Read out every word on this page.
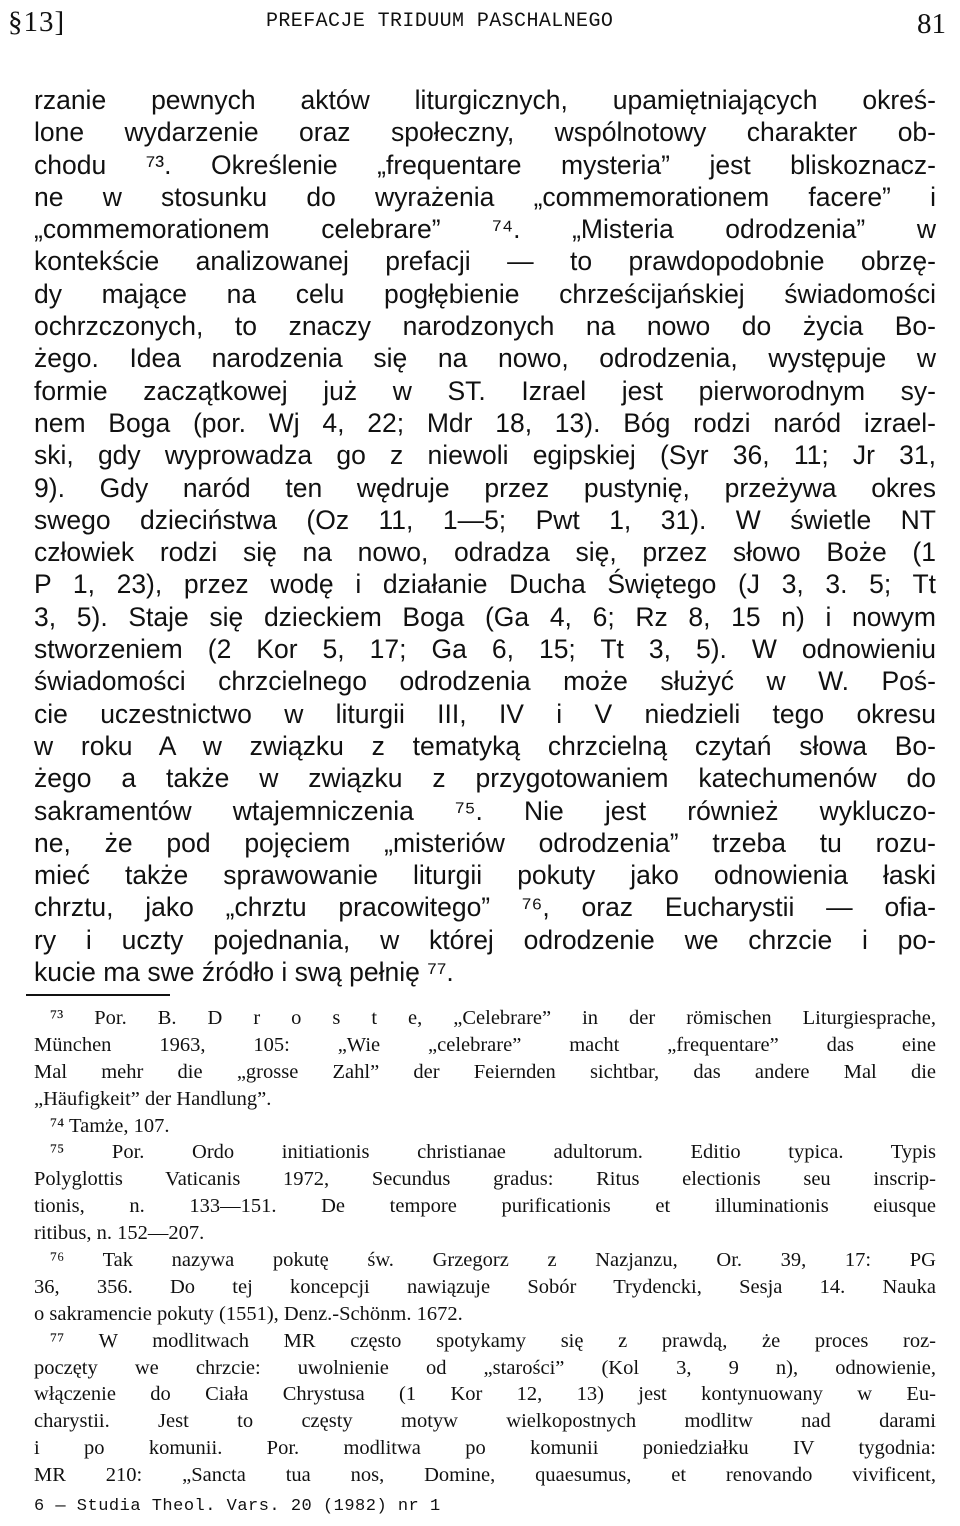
§13]	PREFACJE TRIDUUM PASCHALNEGO	81
rzanie pewnych aktów liturgicznych, upamiętniających okreś-
lone wydarzenie oraz społeczny, wspólnotowy charakter ob-
chodu ⁷³. Określenie „frequentare mysteria” jest bliskoznacz-
ne w stosunku do wyrażenia „commemorationem facere” i
„commemorationem celebrare” ⁷⁴. „Misteria odrodzenia” w
kontekście analizowanej prefacji — to prawdopodobnie obrzę-
dy mające na celu pogłębienie chrześcijańskiej świadomości
ochrzczonych, to znaczy narodzonych na nowo do życia Bo-
żego. Idea narodzenia się na nowo, odrodzenia, występuje w
formie zaczątkowej już w ST. Izrael jest pierworodnym sy-
nem Boga (por. Wj 4, 22; Mdr 18, 13). Bóg rodzi naród izrael-
ski, gdy wyprowadza go z niewoli egipskiej (Syr 36, 11; Jr 31,
9). Gdy naród ten wędruje przez pustynię, przeżywa okres
swego dzieciństwa (Oz 11, 1—5; Pwt 1, 31). W świetle NT
człowiek rodzi się na nowo, odradza się, przez słowo Boże (1
P 1, 23), przez wodę i działanie Ducha Świętego (J 3, 3. 5; Tt
3, 5). Staje się dzieckiem Boga (Ga 4, 6; Rz 8, 15 n) i nowym
stworzeniem (2 Kor 5, 17; Ga 6, 15; Tt 3, 5). W odnowieniu
świadomości chrzcielnego odrodzenia może służyć w W. Poś-
cie uczestnictwo w liturgii III, IV i V niedzieli tego okresu
w roku A w związku z tematyką chrzcielną czytań słowa Bo-
żego a także w związku z przygotowaniem katechumenów do
sakramentów wtajemniczenia ⁷⁵. Nie jest również wykluczo-
ne, że pod pojęciem „misteriów odrodzenia” trzeba tu rozu-
mieć także sprawowanie liturgii pokuty jako odnowienia łaski
chrztu, jako „chrztu pracowitego” ⁷⁶, oraz Eucharystii — ofia-
ry i uczty pojednania, w której odrodzenie we chrzcie i po-
kucie ma swe źródło i swą pełnię ⁷⁷.
⁷³ Por. B. D r o s t e, „Celebrare” in der römischen Liturgiesprache,
München 1963, 105: „Wie „celebrare” macht „frequentare” das eine
Mal mehr die „grosse Zahl” der Feiernden sichtbar, das andere Mal die
„Häufigkeit” der Handlung”.
⁷⁴ Tamże, 107.
⁷⁵ Por. Ordo initiationis christianae adultorum. Editio typica. Typis
Polyglottis Vaticanis 1972, Secundus gradus: Ritus electionis seu inscrip-
tionis, n. 133—151. De tempore purificationis et illuminationis eiusque
ritibus, n. 152—207.
⁷⁶ Tak nazywa pokutę św. Grzegorz z Nazjanzu, Or. 39, 17: PG
36, 356. Do tej koncepcji nawiązuje Sobór Trydencki, Sesja 14. Nauka
o sakramencie pokuty (1551), Denz.-Schönm. 1672.
⁷⁷ W modlitwach MR często spotykamy się z prawdą, że proces roz-
poczęty we chrzcie: uwolnienie od „starości” (Kol 3, 9 n), odnowienie,
włączenie do Ciała Chrystusa (1 Kor 12, 13) jest kontynuowany w Eu-
charystii. Jest to częsty motyw wielkopostnych modlitw nad darami
i po komunii. Por. modlitwa po komunii poniedziałku IV tygodnia:
MR 210: „Sancta tua nos, Domine, quaesumus, et renovando vivificent,
6 — Studia Theol. Vars. 20 (1982) nr 1
